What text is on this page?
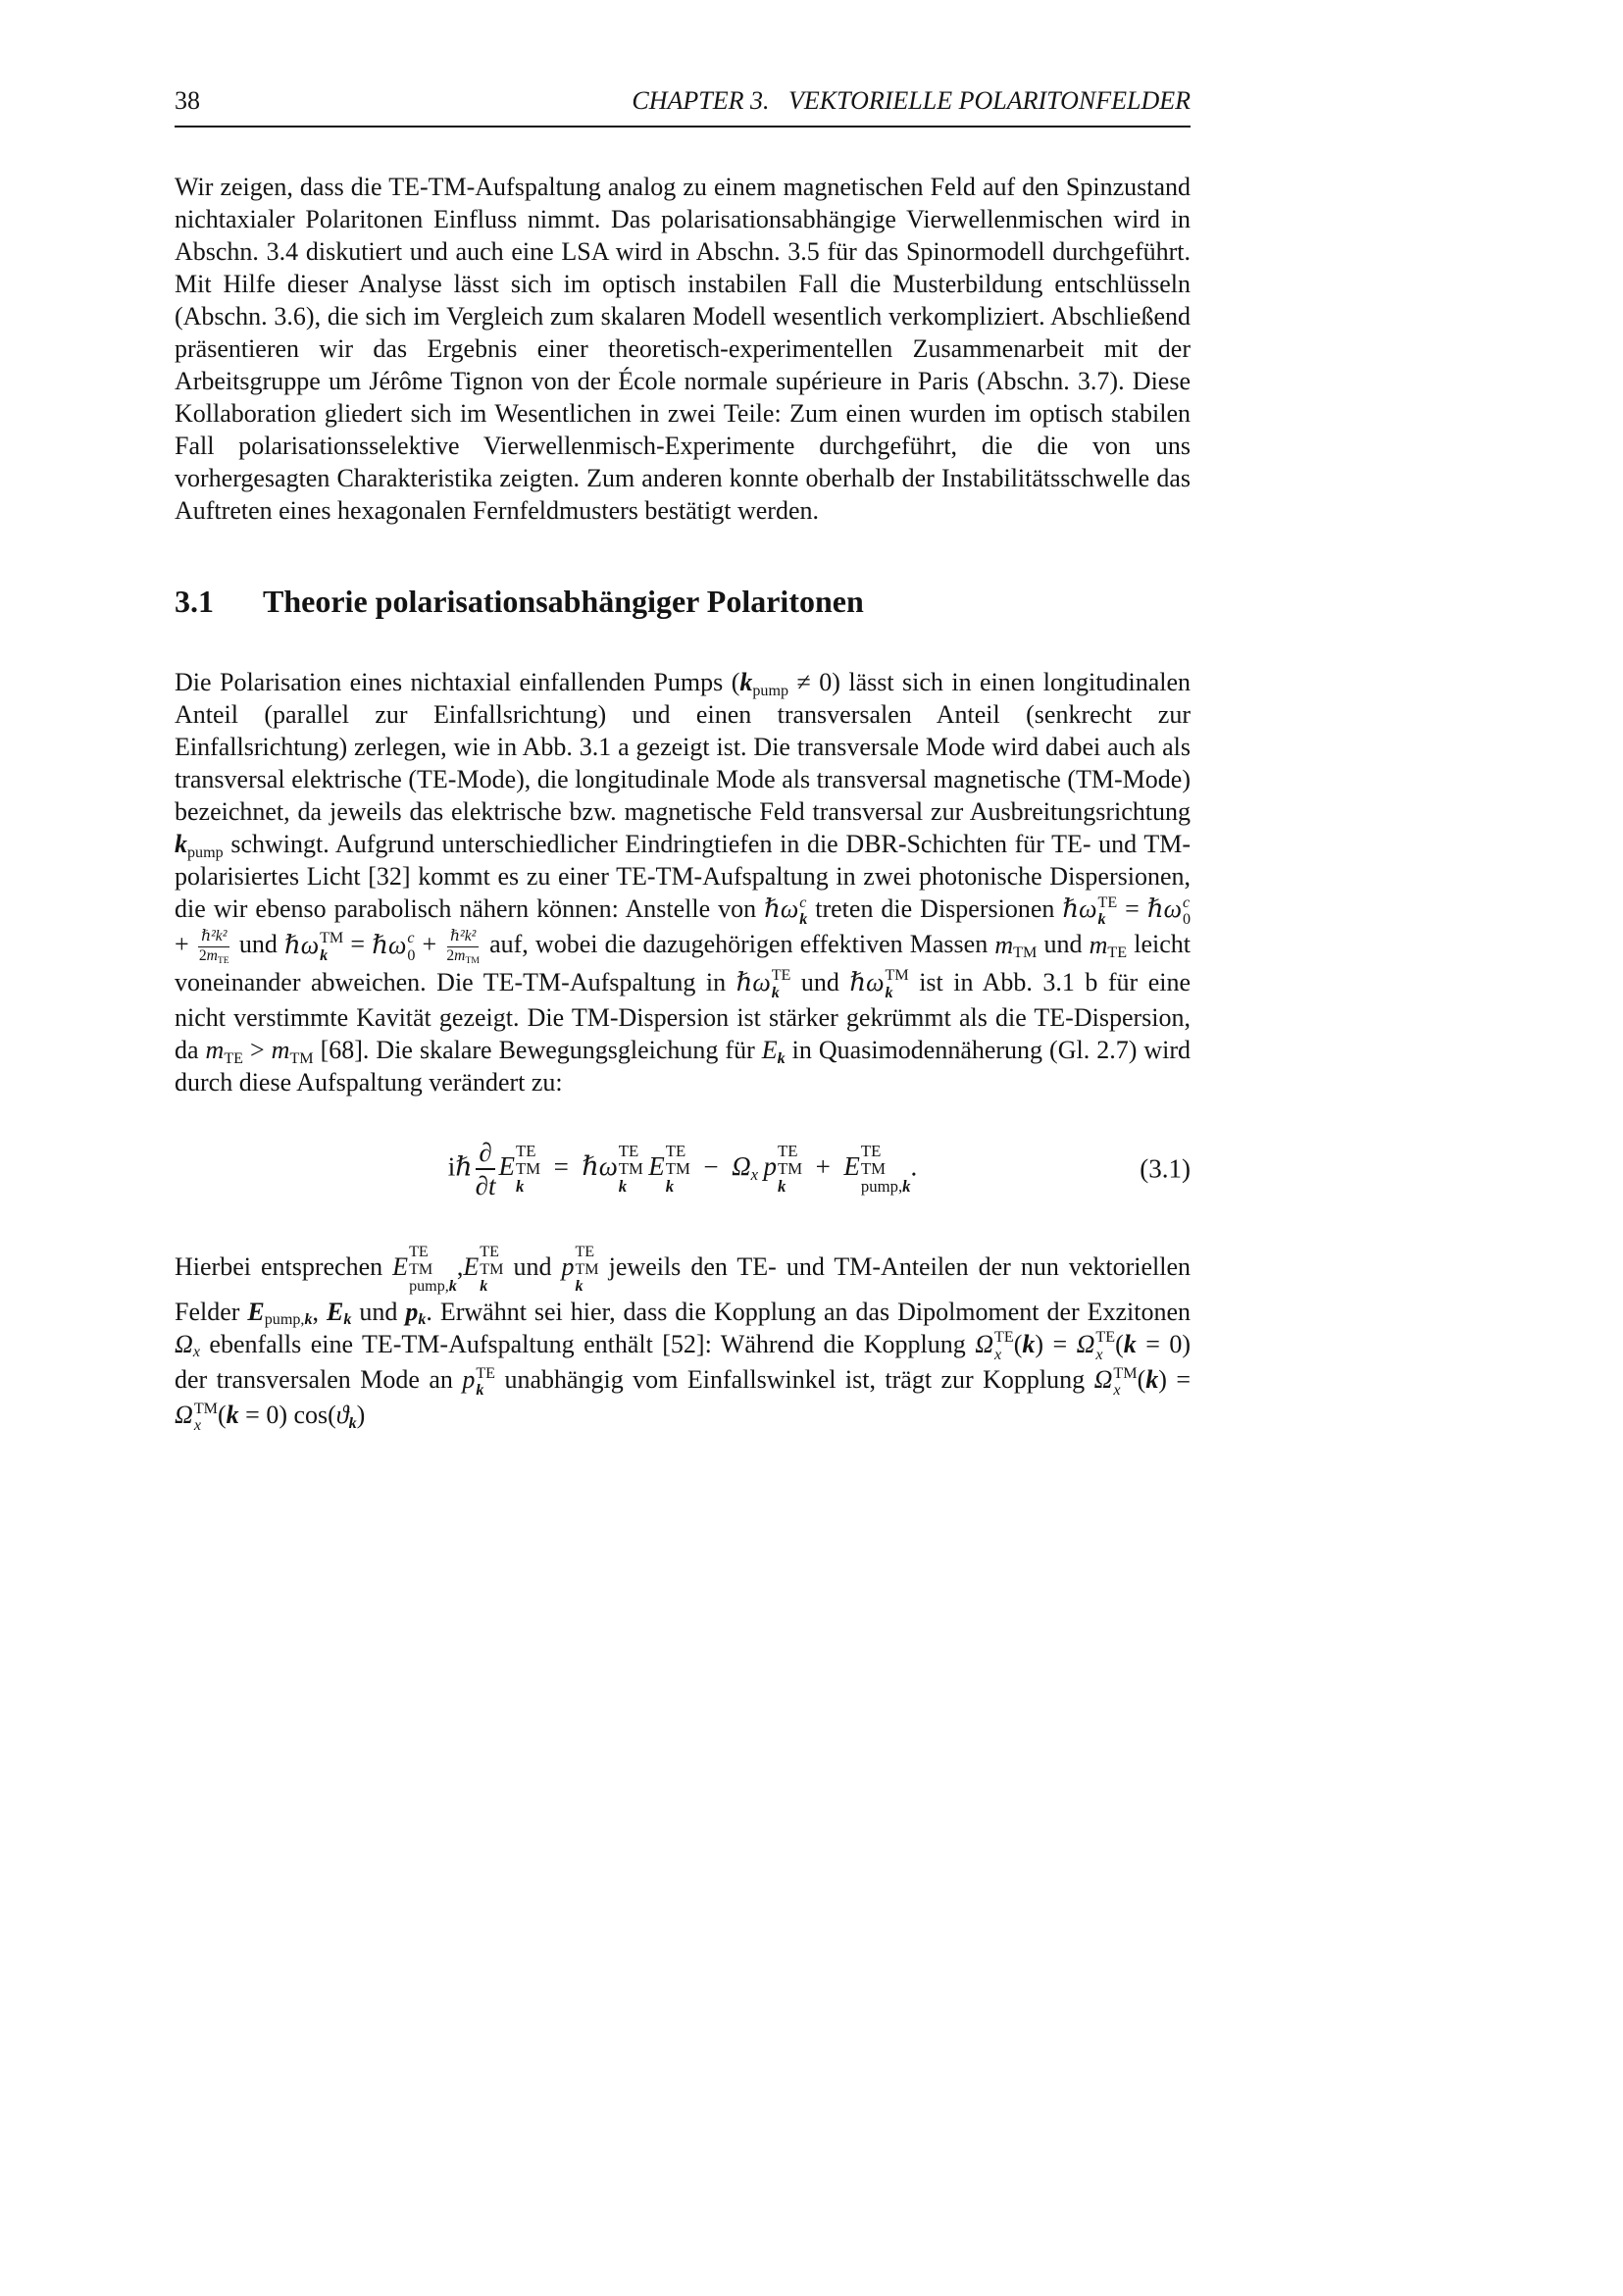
38	CHAPTER 3.   VEKTORIELLE POLARITONFELDER

Wir zeigen, dass die TE-TM-Aufspaltung analog zu einem magnetischen Feld auf den Spinzustand nichtaxialer Polaritonen Einfluss nimmt. Das polarisationsabhängige Vierwellenmischen wird in Abschn. 3.4 diskutiert und auch eine LSA wird in Abschn. 3.5 für das Spinormodell durchgeführt. Mit Hilfe dieser Analyse lässt sich im optisch instabilen Fall die Musterbildung entschlüsseln (Abschn. 3.6), die sich im Vergleich zum skalaren Modell wesentlich verkompliziert. Abschließend präsentieren wir das Ergebnis einer theoretisch-experimentellen Zusammenarbeit mit der Arbeitsgruppe um Jérôme Tignon von der École normale supérieure in Paris (Abschn. 3.7). Diese Kollaboration gliedert sich im Wesentlichen in zwei Teile: Zum einen wurden im optisch stabilen Fall polarisationsselektive Vierwellenmisch-Experimente durchgeführt, die die von uns vorhergesagten Charakteristika zeigten. Zum anderen konnte oberhalb der Instabilitätsschwelle das Auftreten eines hexagonalen Fernfeldmusters bestätigt werden.

3.1 Theorie polarisationsabhängiger Polaritonen

Die Polarisation eines nichtaxial einfallenden Pumps $(k_{pump} \ne 0)$ lässt sich in einen longitudinalen Anteil (parallel zur Einfallsrichtung) und einen transversalen Anteil (senkrecht zur Einfallsrichtung) zerlegen, wie in Abb. 3.1 a gezeigt ist. Die transversale Mode wird dabei auch als transversal elektrische (TE-Mode), die longitudinale Mode als transversal magnetische (TM-Mode) bezeichnet, da jeweils das elektrische bzw. magnetische Feld transversal zur Ausbreitungsrichtung $k_{pump}$ schwingt. Aufgrund unterschiedlicher Eindringtiefen in die DBR-Schichten für TE- und TM-polarisiertes Licht [32] kommt es zu einer TE-TM-Aufspaltung in zwei photonische Dispersionen, die wir ebenso parabolisch nähern können: Anstelle von ℏω c
k treten die Dispersionen ℏω TE
k = ℏω c
0
+ $\frac{\text{ℏ²k²}}{2m_{TE}}$ und ℏω TM
k = ℏω c
$0 + \frac{\text{ℏ²k²}}{2m_{TM}}$ auf, wobei die dazugehörigen effektiven Massen $m_{TM}$ und $m_{TE}$ leicht voneinander abweichen. Die TE-TM-Aufspaltung in ℏω TE
k und ℏω TM
k ist in Abb. 3.1 b für eine nicht verstimmte Kavität gezeigt. Die TM-Dispersion ist stärker gekrümmt als die TE-Dispersion, da $m_{TE} > m_{TM}$ [68]. Die skalare Bewegungsgleichung für $E_k$ in Quasimodennäherung (Gl. 2.7) wird durch diese Aufspaltung verändert zu:

iℏ $\frac{\partial}{\partial t}$ E
TE
TM
k
 = ℏω
TE
TM
k
 E
TE
TM
k
 − $\Omega_x$  p
TE
TM
k
 + E
TE
TM
pump,k
.	(3.1)

Hierbei entsprechen E
TE
TM
pump,k
,E
TE
TM
k
und p
TE
TM
k
jeweils den TE- und TM-Anteilen der nun vektoriellen Felder $E_{pump,k}$, $E_k$ und $p_k$. Erwähnt sei hier, dass die Kopplung an das Dipolmoment der Exzitonen $\Omega_x$ ebenfalls eine TE-TM-Aufspaltung enthält [52]: Während die Kopplung Ω TE
x (k) = Ω TE
x (k = 0) der transversalen Mode an p TE
k unabhängig vom Einfallswinkel ist, trägt zur Kopplung Ω TM
x (k) = Ω TM
x (k = 0) $\cos(ϑ_k)$
